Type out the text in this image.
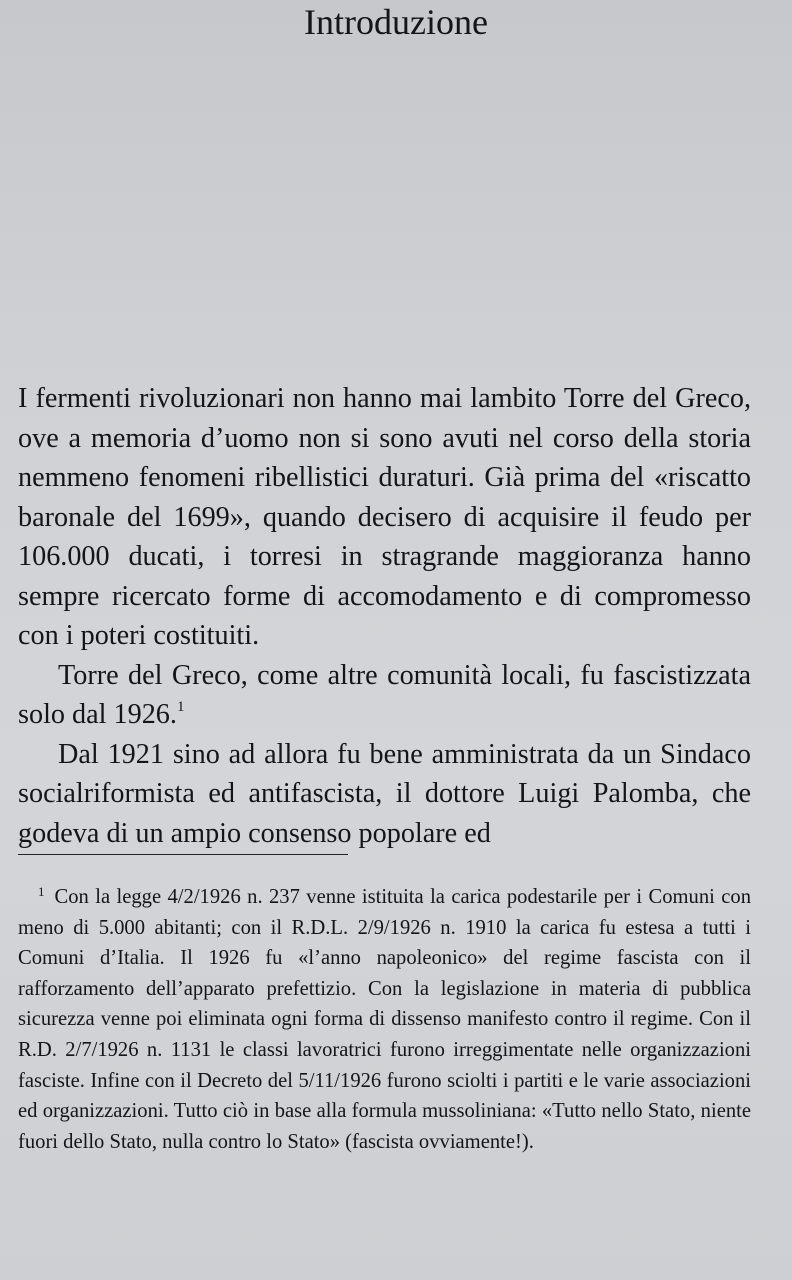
Introduzione

I fermenti rivoluzionari non hanno mai lambito Torre del Greco, ove a memoria d’uomo non si sono avuti nel corso della storia nemmeno fenomeni ribellistici duraturi. Già prima del «riscatto baronale del 1699», quando decisero di acquisire il feudo per 106.000 ducati, i torresi in stragrande maggioranza hanno sempre ricercato forme di accomodamento e di compromesso con i poteri costituiti.

Torre del Greco, come altre comunità locali, fu fascistizzata solo dal 1926.$^1$

Dal 1921 sino ad allora fu bene amministrata da un Sindaco socialriformista ed antifascista, il dottore Luigi Palomba, che godeva di un ampio consenso popolare ed

$^1$ Con la legge 4/2/1926 n. 237 venne istituita la carica podestarile per i Comuni con meno di 5.000 abitanti; con il R.D.L. 2/9/1926 n. 1910 la carica fu estesa a tutti i Comuni d’Italia. Il 1926 fu «l’anno napoleonico» del regime fascista con il rafforzamento dell’apparato prefettizio. Con la legislazione in materia di pubblica sicurezza venne poi eliminata ogni forma di dissenso manifesto contro il regime. Con il R.D. 2/7/1926 n. 1131 le classi lavoratrici furono irreggimentate nelle organizzazioni fasciste. Infine con il Decreto del 5/11/1926 furono sciolti i partiti e le varie associazioni ed organizzazioni. Tutto ciò in base alla formula mussoliniana: «Tutto nello Stato, niente fuori dello Stato, nulla contro lo Stato» (fascista ovviamente!).
